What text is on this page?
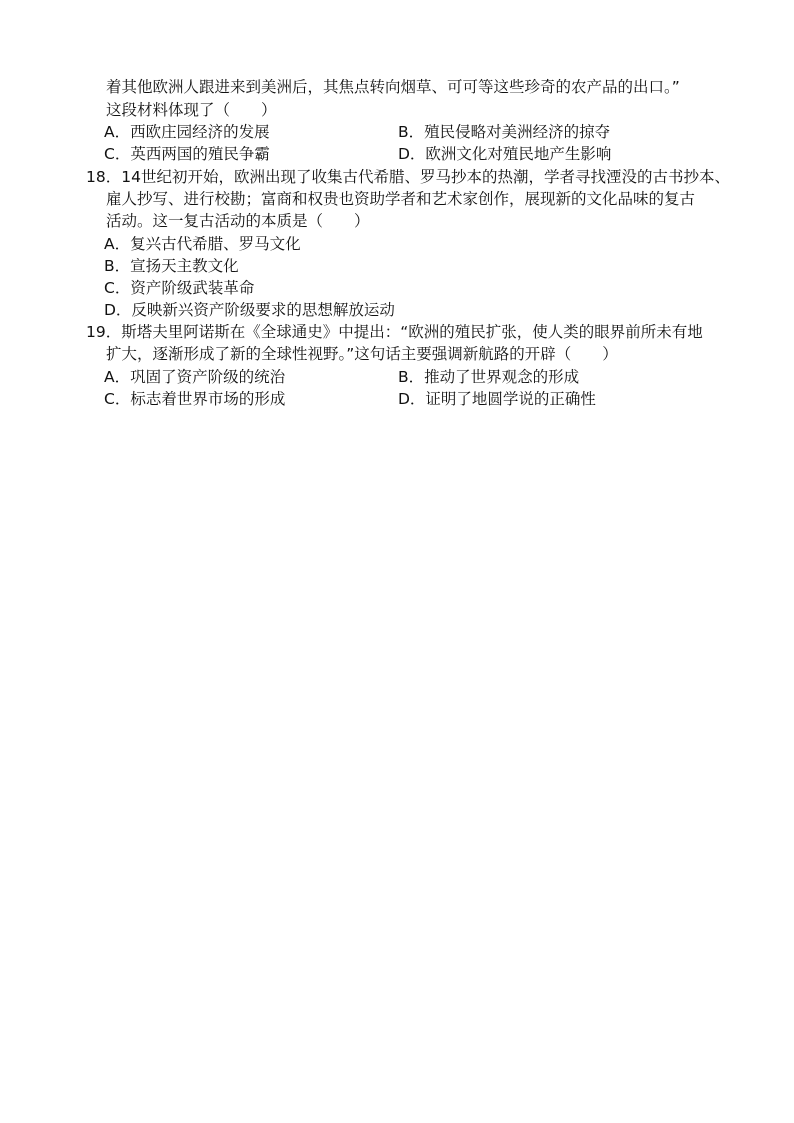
着其他欧洲人跟进来到美洲后，其焦点转向烟草、可可等这些珍奇的农产品的出口。”
这段材料体现了（　　）
A．西欧庄园经济的发展	B．殖民侵略对美洲经济的掠夺
C．英西两国的殖民争霸	D．欧洲文化对殖民地产生影响
18．14世纪初开始，欧洲出现了收集古代希腊、罗马抄本的热潮，学者寻找湮没的古书抄本、
雇人抄写、进行校勘；富商和权贵也资助学者和艺术家创作，展现新的文化品味的复古
活动。这一复古活动的本质是（　　）
A．复兴古代希腊、罗马文化
B．宣扬天主教文化
C．资产阶级武装革命
D．反映新兴资产阶级要求的思想解放运动
19．斯塔夫里阿诺斯在《全球通史》中提出：“欧洲的殖民扩张，使人类的眼界前所未有地
扩大，逐渐形成了新的全球性视野。”这句话主要强调新航路的开辟（　　）
A．巩固了资产阶级的统治	B．推动了世界观念的形成
C．标志着世界市场的形成	D．证明了地圆学说的正确性
